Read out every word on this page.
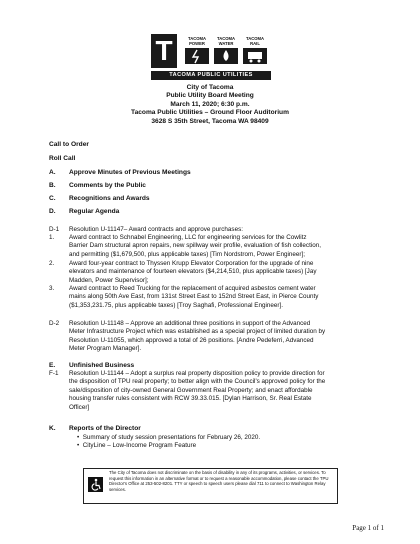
T	TACOMA POWER
TACOMA WATER
TACOMA RAIL
TACOMA PUBLIC UTILITIES
City of Tacoma
Public Utility Board Meeting
March 11, 2020; 6:30 p.m.
Tacoma Public Utilities – Ground Floor Auditorium
3628 S 35th Street, Tacoma WA 98409
Call to Order
Roll Call
A. Approve Minutes of Previous Meetings
B. Comments by the Public
C. Recognitions and Awards
D. Regular Agenda
D-1 Resolution U-11147– Award contracts and approve purchases:
1. Award contract to Schnabel Engineering, LLC for engineering services for the Cowlitz
Barrier Dam structural apron repairs, new spillway weir profile, evaluation of fish collection,
and permitting ($1,679,500, plus applicable taxes) [Tim Nordstrom, Power Engineer];
2. Award four-year contract to Thyssen Krupp Elevator Corporation for the upgrade of nine
elevators and maintenance of fourteen elevators ($4,214,510, plus applicable taxes) [Jay
Madden, Power Supervisor];
3. Award contract to Reed Trucking for the replacement of acquired asbestos cement water
mains along 50th Ave East, from 131st Street East to 152nd Street East, in Pierce County
($1,353,231.75, plus applicable taxes) [Troy Saghafi, Professional Engineer].
D-2 Resolution U-11148 – Approve an additional three positions in support of the Advanced
Meter Infrastructure Project which was established as a special project of limited duration by
Resolution U-11055, which approved a total of 26 positions. [Andre Pedeferri, Advanced
Meter Program Manager].
E. Unfinished Business
F-1 Resolution U-11144 – Adopt a surplus real property disposition policy to provide direction for
the disposition of TPU real property; to better align with the Council's approved policy for the
sale/disposition of city-owned General Government Real Property; and enact affordable
housing transfer rules consistent with RCW 39.33.015. [Dylan Harrison, Sr. Real Estate
Officer]
K. Reports of the Director
•  Summary of study session presentations for February 26, 2020.
•  CityLine – Low-Income Program Feature
The City of Tacoma does not discriminate on the basis of disability in any of its programs, activities, or services. To request this information in an alternative format or to request a reasonable accommodation, please contact the TPU Director's Office at 253-502-8201. TTY or speech to speech users please dial 711 to connect to Washington Relay services.
Page 1 of 1
